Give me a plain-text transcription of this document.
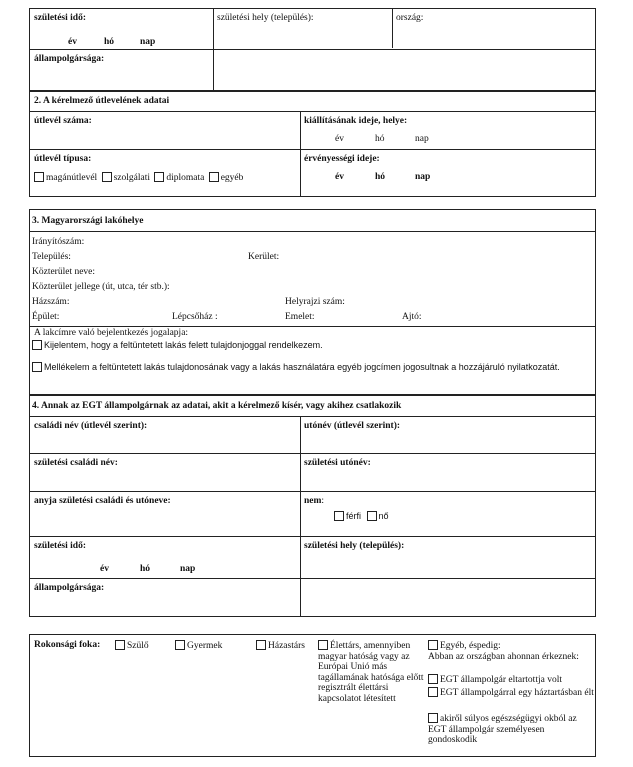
születési idő:	születési hely (település):	ország:
év	hó	nap
állampolgársága:
2. A kérelmező útlevelének adatai
útlevél száma:	kiállításának ideje, helye:
év	hó	nap
útlevél típusa:	érvényességi ideje:
magánútlevél szolgálati diplomata egyéb	év	hó	nap
3. Magyarországi lakóhelye
Irányítószám:
Település:	Kerület:
Közterület neve:
Közterület jellege (út, utca, tér stb.):
Házszám:	Helyrajzi szám:
Épület:	Lépcsőház :	Emelet:	Ajtó:
A lakcímre való bejelentkezés jogalapja:
Kijelentem, hogy a feltüntetett lakás felett tulajdonjoggal rendelkezem.
Mellékelem a feltüntetett lakás tulajdonosának vagy a lakás használatára egyéb jogcímen jogosultnak a hozzájáruló nyilatkozatát.
4. Annak az EGT állampolgárnak az adatai, akit a kérelmező kísér, vagy akihez csatlakozik
családi név (útlevél szerint):	utónév (útlevél szerint):
születési családi név:	születési utónév:
anyja születési családi és utóneve:	nem:
férfi nő
születési idő:	születési hely (település):
év	hó	nap
állampolgársága:
Rokonsági foka:	Szülő	Gyermek	Házastárs	Élettárs, amennyiben magyar hatóság vagy az Európai Unió más tagállamának hatósága előtt regisztrált élettársi kapcsolatot létesített
Egyéb, éspedig:
Abban az országban ahonnan érkeznek:
EGT állampolgár eltartottja volt
EGT állampolgárral egy háztartásban élt
akiről súlyos egészségügyi okból az EGT állampolgár személyesen gondoskodik
